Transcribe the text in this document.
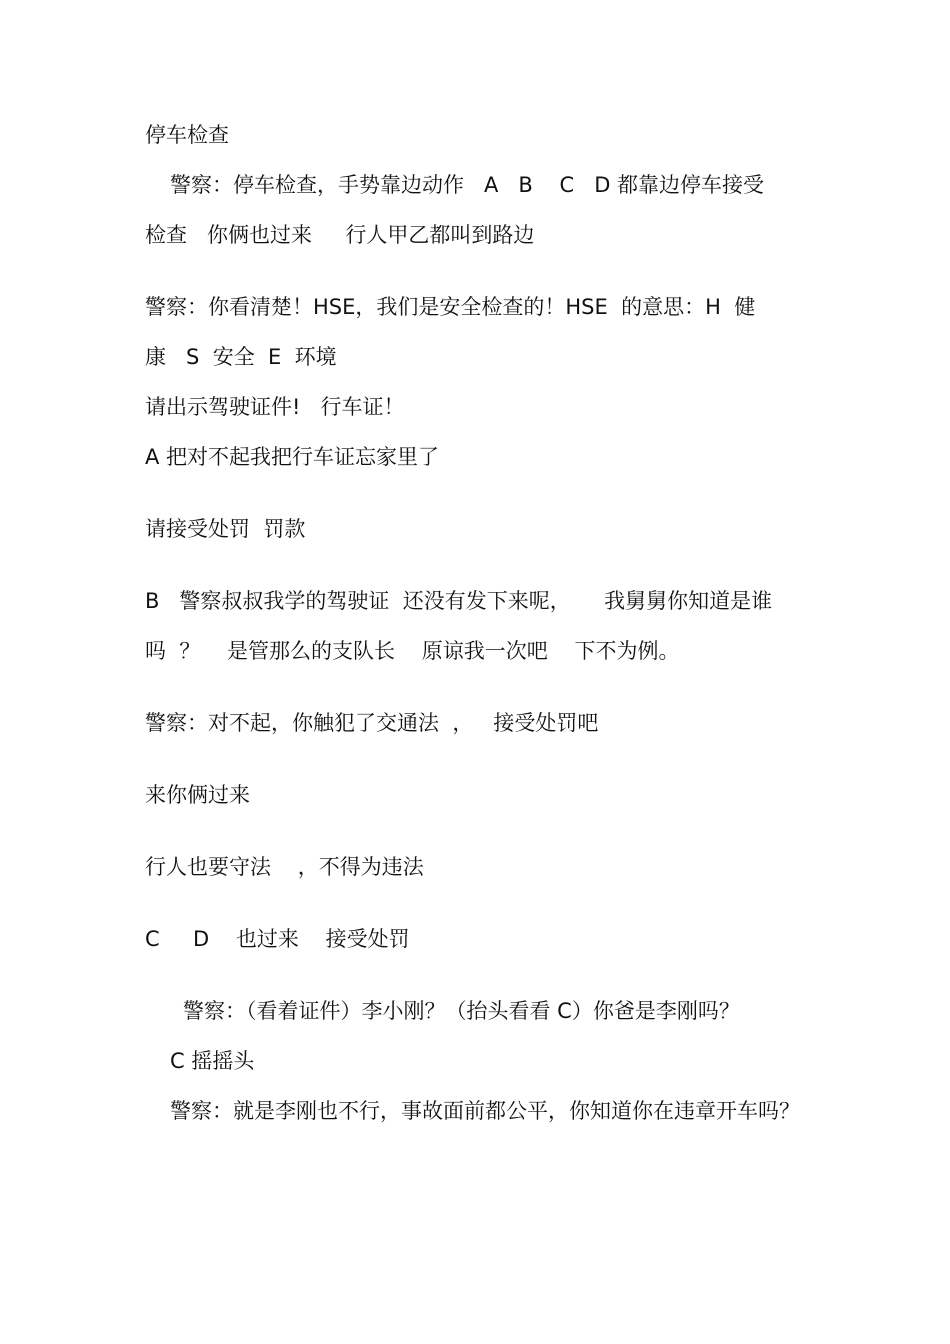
停车检查
警察：停车检查，手势靠边动作   A   B    C   D 都靠边停车接受
检查   你俩也过来     行人甲乙都叫到路边
警察：你看清楚！HSE，我们是安全检查的！HSE  的意思：H  健
康   S  安全  E  环境
请出示驾驶证件!   行车证！
A 把对不起我把行车证忘家里了
请接受处罚  罚款
B   警察叔叔我学的驾驶证  还没有发下来呢，     我舅舅你知道是谁
吗  ？    是管那么的支队长    原谅我一次吧    下不为例。
警察：对不起，你触犯了交通法  ，   接受处罚吧
来你俩过来
行人也要守法    ，不得为违法
C     D    也过来    接受处罚
警察：（看着证件）李小刚？（抬头看看 C）你爸是李刚吗？
C 摇摇头
警察：就是李刚也不行，事故面前都公平，你知道你在违章开车吗？
